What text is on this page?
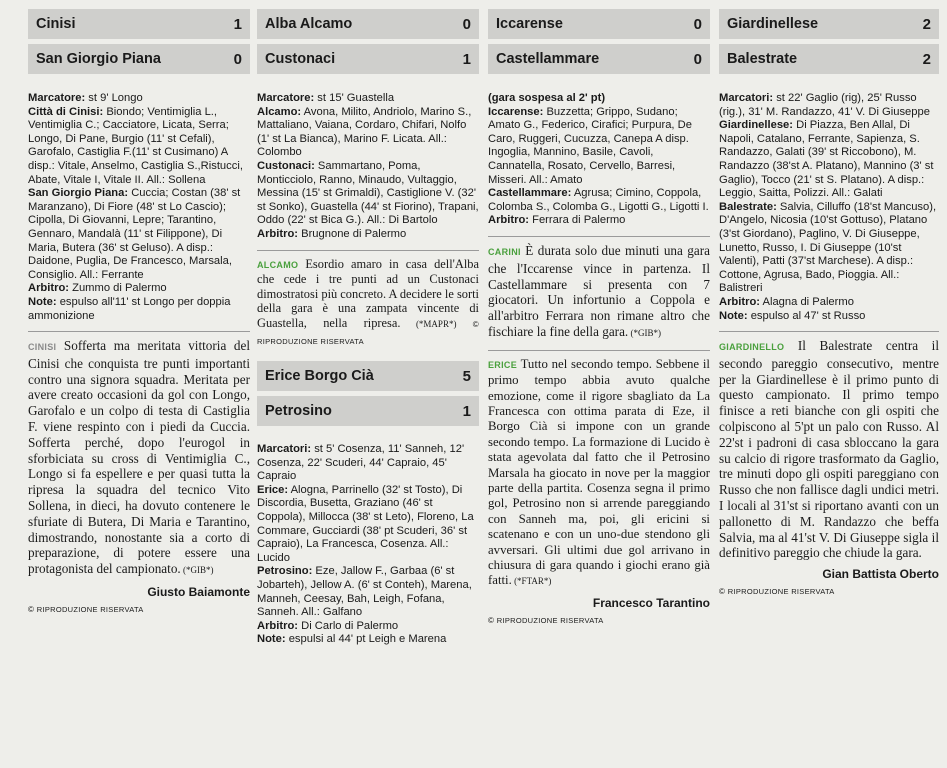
Cinisi	1
San Giorgio Piana	0

Marcatore: st 9' Longo

Città di Cinisi: Biondo; Ventimiglia L., Ventimiglia C.; Cacciatore, Licata, Serra; Longo, Di Pane, Burgio (11' st Cefali), Garofalo, Castiglia F.(11' st Cusimano) A disp.: Vitale, Anselmo, Castiglia S.,Ristucci, Abate, Vitale I, Vitale II. All.: Sollena

San Giorgio Piana: Cuccia; Costan (38' st Maranzano), Di Fiore (48' st Lo Cascio); Cipolla, Di Giovanni, Lepre; Tarantino, Gennaro, Mandalà (11' st Filippone), Di Maria, Butera (36' st Geluso). A disp.: Daidone, Puglia, De Francesco, Marsala, Consiglio. All.: Ferrante

Arbitro: Zummo di Palermo

Note: espulso all'11' st Longo per doppia ammonizione

CINISI Sofferta ma meritata vittoria del Cinisi che conquista tre punti importanti contro una signora squadra. Meritata per avere creato occasioni da gol con Longo, Garofalo e un colpo di testa di Castiglia F. viene respinto con i piedi da Cuccia. Sofferta perché, dopo l'eurogol in sforbiciata su cross di Ventimiglia C., Longo si fa espellere e per quasi tutta la ripresa la squadra del tecnico Vito Sollena, in dieci, ha dovuto contenere le sfuriate di Butera, Di Maria e Tarantino, dimostrando, nonostante sia a corto di preparazione, di potere essere una protagonista del campionato. (*GIB*)
Giusto Baiamonte
© RIPRODUZIONE RISERVATA
Alba Alcamo	0
Custonaci	1

Marcatore: st 15' Guastella

Alcamo: Avona, Milito, Andriolo, Marino S., Mattaliano, Vaiana, Cordaro, Chifari, Nolfo (1' st La Bianca), Marino F. Licata. All.: Colombo

Custonaci: Sammartano, Poma, Monticciolo, Ranno, Minaudo, Vultaggio, Messina (15' st Grimaldi), Castiglione V. (32' st Sonko), Guastella (44' st Fiorino), Trapani, Oddo (22' st Bica G.). All.: Di Bartolo

Arbitro: Brugnone di Palermo

ALCAMO Esordio amaro in casa dell'Alba che cede i tre punti ad un Custonaci dimostratosi più concreto. A decidere le sorti della gara è una zampata vincente di Guastella, nella ripresa. (*MAPR*) © RIPRODUZIONE RISERVATA
Erice Borgo Cià	5
Petrosino	1

Marcatori: st 5' Cosenza, 11' Sanneh, 12' Cosenza, 22' Scuderi, 44' Capraio, 45' Capraio

Erice: Alogna, Parrinello (32' st Tosto), Di Discordia, Busetta, Graziano (46' st Coppola), Millocca (38' st Leto), Floreno, La Commare, Gucciardi (38' pt Scuderi, 36' st Capraio), La Francesca, Cosenza. All.: Lucido

Petrosino: Eze, Jallow F., Garbaa (6' st Jobarteh), Jellow A. (6' st Conteh), Marena, Manneh, Ceesay, Bah, Leigh, Fofana, Sanneh. All.: Galfano

Arbitro: Di Carlo di Palermo

Note: espulsi al 44' pt Leigh e Marena

Iccarense	0
Castellammare	0

(gara sospesa al 2' pt)

Iccarense: Buzzetta; Grippo, Sudano; Amato G., Federico, Cirafici; Purpura, De Caro, Ruggeri, Cucuzza, Canepa A disp. Ingoglia, Mannino, Basile, Cavoli, Cannatella, Rosato, Cervello, Barresi, Misseri. All.: Amato

Castellammare: Agrusa; Cimino, Coppola, Colomba S., Colomba G., Ligotti G., Ligotti I.

Arbitro: Ferrara di Palermo

CARINI È durata solo due minuti una gara che l'Iccarense vince in partenza. Il Castellammare si presenta con 7 giocatori. Un infortunio a Coppola e all'arbitro Ferrara non rimane altro che fischiare la fine della gara. (*GIB*)
ERICE Tutto nel secondo tempo. Sebbene il primo tempo abbia avuto qualche emozione, come il rigore sbagliato da La Francesca con ottima parata di Eze, il Borgo Cià si impone con un grande secondo tempo. La formazione di Lucido è stata agevolata dal fatto che il Petrosino Marsala ha giocato in nove per la maggior parte della partita. Cosenza segna il primo gol, Petrosino non si arrende pareggiando con Sanneh ma, poi, gli ericini si scatenano e con un uno-due stendono gli avversari. Gli ultimi due gol arrivano in chiusura di gara quando i giochi erano già fatti. (*FTAR*)
Francesco Tarantino
© RIPRODUZIONE RISERVATA
Giardinellese	2
Balestrate	2

Marcatori: st 22' Gaglio (rig), 25' Russo (rig.), 31' M. Randazzo, 41' V. Di Giuseppe

Giardinellese: Di Piazza, Ben Allal, Di Napoli, Catalano, Ferrante, Sapienza, S. Randazzo, Galati (39' st Riccobono), M. Randazzo (38'st A. Platano), Mannino (3' st Gaglio), Tocco (21' st S. Platano). A disp.: Leggio, Saitta, Polizzi. All.: Galati

Balestrate: Salvia, Cilluffo (18'st Mancuso), D'Angelo, Nicosia (10'st Gottuso), Platano (3'st Giordano), Paglino, V. Di Giuseppe, Lunetto, Russo, I. Di Giuseppe (10'st Valenti), Patti (37'st Marchese). A disp.: Cottone, Agrusa, Bado, Pioggia. All.: Balistreri

Arbitro: Alagna di Palermo

Note: espulso al 47' st Russo

GIARDINELLO Il Balestrate centra il secondo pareggio consecutivo, mentre per la Giardinellese è il primo punto di questo campionato. Il primo tempo finisce a reti bianche con gli ospiti che colpiscono al 5'pt un palo con Russo. Al 22'st i padroni di casa sbloccano la gara su calcio di rigore trasformato da Gaglio, tre minuti dopo gli ospiti pareggiano con Russo che non fallisce dagli undici metri. I locali al 31'st si riportano avanti con un pallonetto di M. Randazzo che beffa Salvia, ma al 41'st V. Di Giuseppe sigla il definitivo pareggio che chiude la gara.
Gian Battista Oberto
© RIPRODUZIONE RISERVATA
